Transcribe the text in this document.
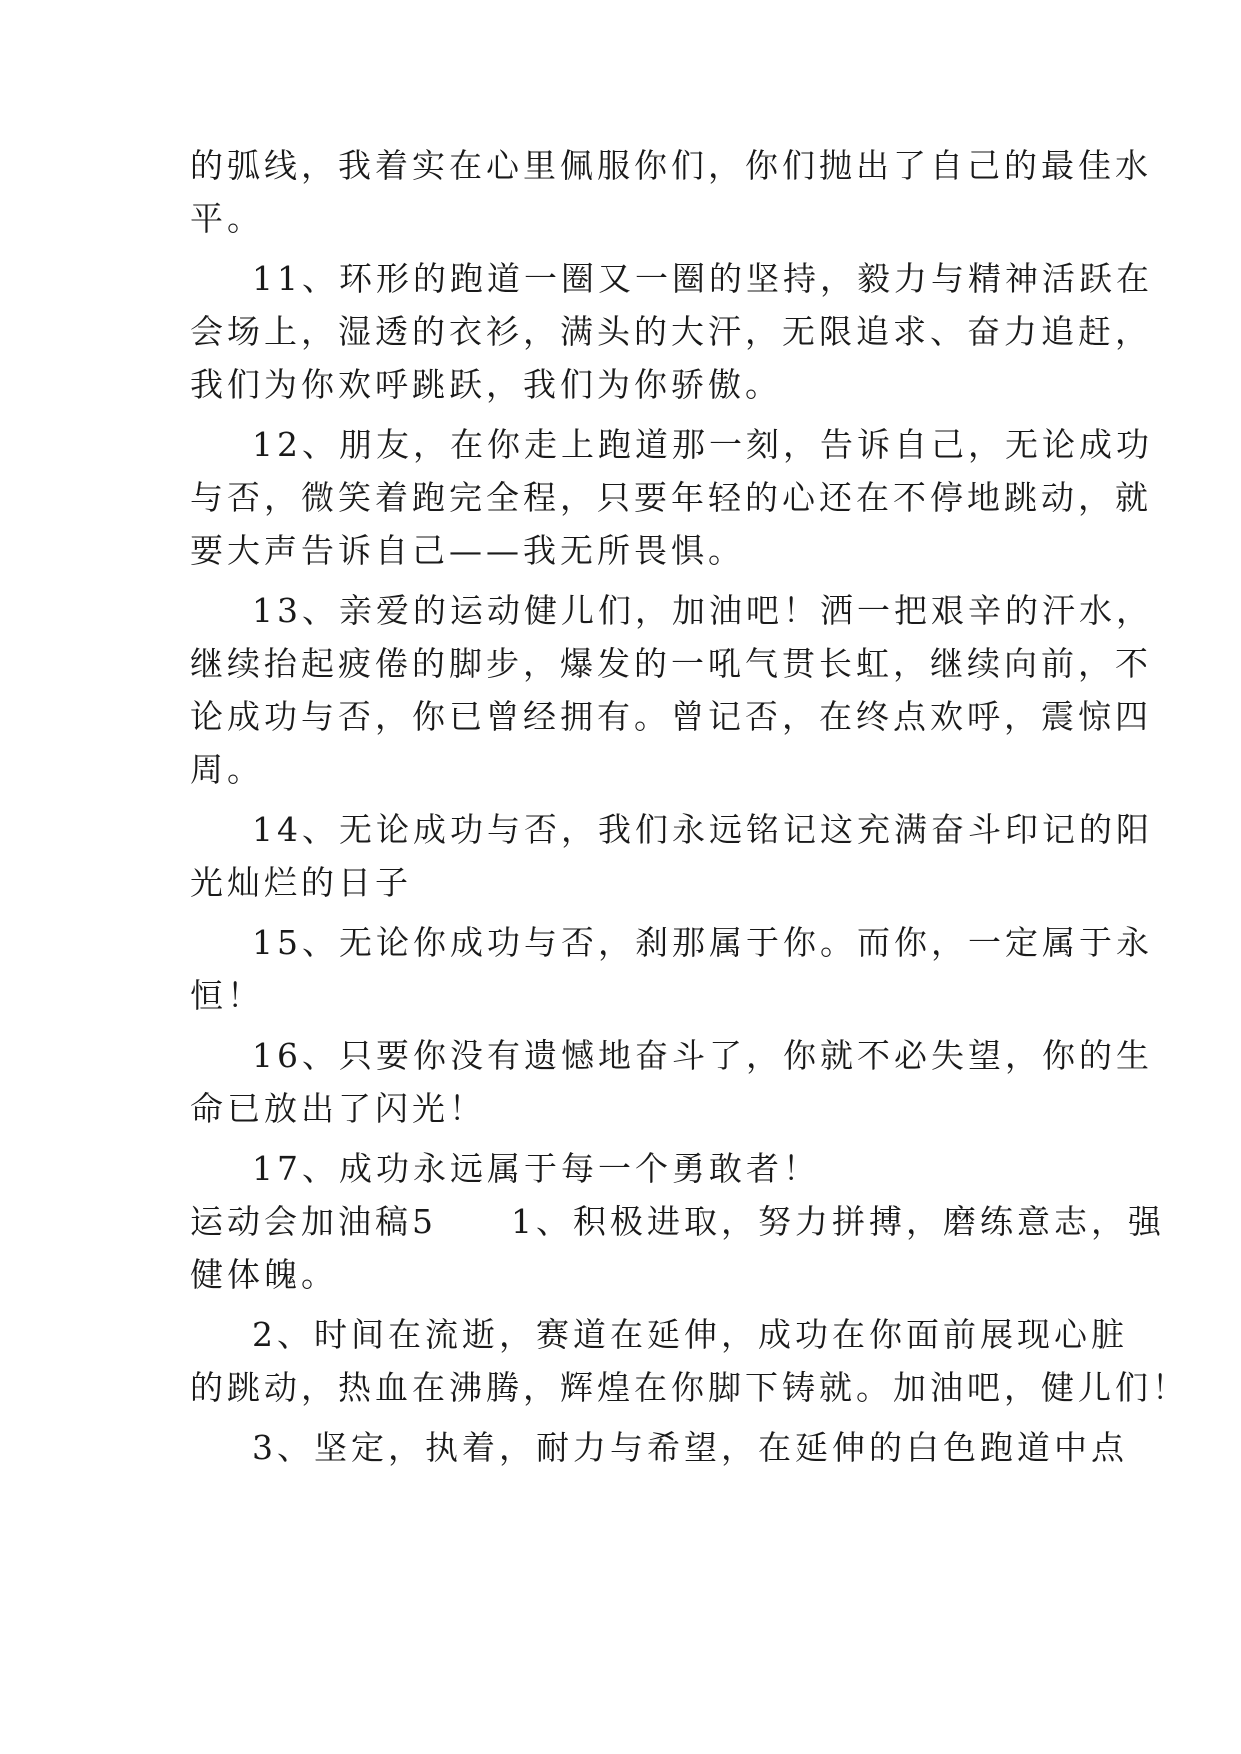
的弧线，我着实在心里佩服你们，你们抛出了自己的最佳水
平。
11、环形的跑道一圈又一圈的坚持，毅力与精神活跃在
会场上，湿透的衣衫，满头的大汗，无限追求、奋力追赶，
我们为你欢呼跳跃，我们为你骄傲。
12、朋友，在你走上跑道那一刻，告诉自己，无论成功
与否，微笑着跑完全程，只要年轻的心还在不停地跳动，就
要大声告诉自己——我无所畏惧。
13、亲爱的运动健儿们，加油吧！洒一把艰辛的汗水，
继续抬起疲倦的脚步，爆发的一吼气贯长虹，继续向前，不
论成功与否，你已曾经拥有。曾记否，在终点欢呼，震惊四
周。
14、无论成功与否，我们永远铭记这充满奋斗印记的阳
光灿烂的日子
15、无论你成功与否，刹那属于你。而你，一定属于永
恒！
16、只要你没有遗憾地奋斗了，你就不必失望，你的生
命已放出了闪光！
17、成功永远属于每一个勇敢者！
运动会加油稿5　　1、积极进取，努力拼搏，磨练意志，强
健体魄。
2、时间在流逝，赛道在延伸，成功在你面前展现心脏
的跳动，热血在沸腾，辉煌在你脚下铸就。加油吧，健儿们！
3、坚定，执着，耐力与希望，在延伸的白色跑道中点
